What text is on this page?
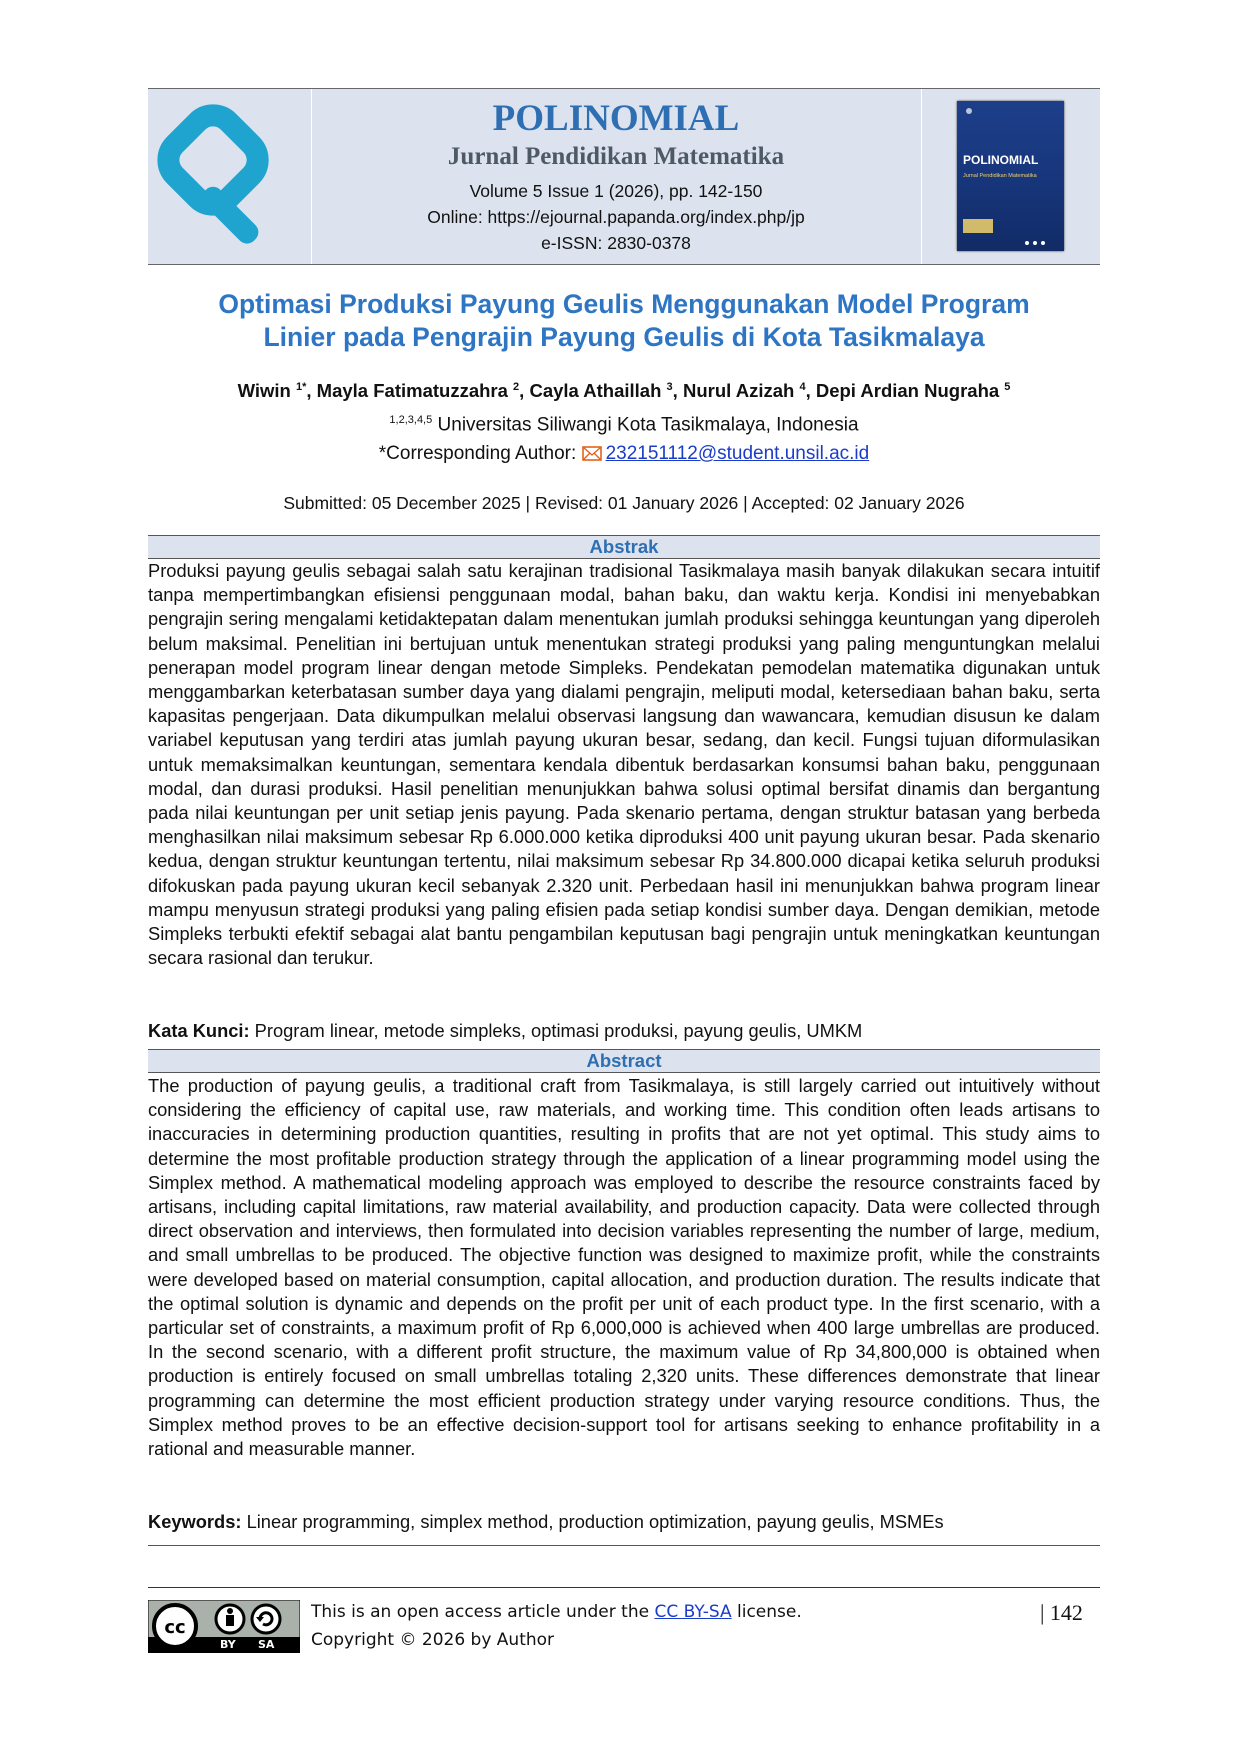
POLINOMIAL
Jurnal Pendidikan Matematika
Volume 5 Issue 1 (2026), pp. 142-150
Online: https://ejournal.papanda.org/index.php/jp
e-ISSN: 2830-0378
POLINOMIAL
Jurnal Pendidikan Matematika
Optimasi Produksi Payung Geulis Menggunakan Model Program
Linier pada Pengrajin Payung Geulis di Kota Tasikmalaya
Wiwin $^{1*}$, Mayla Fatimatuzzahra $^2$, Cayla Athaillah $^3$, Nurul Azizah $^4$, Depi Ardian Nugraha $^5$
$^{1,2,3,4,5}$ Universitas Siliwangi Kota Tasikmalaya, Indonesia
*Corresponding Author: 232151112@student.unsil.ac.id
Submitted: 05 December 2025 | Revised: 01 January 2026 | Accepted: 02 January 2026
Abstrak
Produksi payung geulis sebagai salah satu kerajinan tradisional Tasikmalaya masih banyak dilakukan secara intuitif tanpa mempertimbangkan efisiensi penggunaan modal, bahan baku, dan waktu kerja. Kondisi ini menyebabkan pengrajin sering mengalami ketidaktepatan dalam menentukan jumlah produksi sehingga keuntungan yang diperoleh belum maksimal. Penelitian ini bertujuan untuk menentukan strategi produksi yang paling menguntungkan melalui penerapan model program linear dengan metode Simpleks. Pendekatan pemodelan matematika digunakan untuk menggambarkan keterbatasan sumber daya yang dialami pengrajin, meliputi modal, ketersediaan bahan baku, serta kapasitas pengerjaan. Data dikumpulkan melalui observasi langsung dan wawancara, kemudian disusun ke dalam variabel keputusan yang terdiri atas jumlah payung ukuran besar, sedang, dan kecil. Fungsi tujuan diformulasikan untuk memaksimalkan keuntungan, sementara kendala dibentuk berdasarkan konsumsi bahan baku, penggunaan modal, dan durasi produksi. Hasil penelitian menunjukkan bahwa solusi optimal bersifat dinamis dan bergantung pada nilai keuntungan per unit setiap jenis payung. Pada skenario pertama, dengan struktur batasan yang berbeda menghasilkan nilai maksimum sebesar Rp 6.000.000 ketika diproduksi 400 unit payung ukuran besar. Pada skenario kedua, dengan struktur keuntungan tertentu, nilai maksimum sebesar Rp 34.800.000 dicapai ketika seluruh produksi difokuskan pada payung ukuran kecil sebanyak 2.320 unit. Perbedaan hasil ini menunjukkan bahwa program linear mampu menyusun strategi produksi yang paling efisien pada setiap kondisi sumber daya. Dengan demikian, metode Simpleks terbukti efektif sebagai alat bantu pengambilan keputusan bagi pengrajin untuk meningkatkan keuntungan secara rasional dan terukur.
Kata Kunci: Program linear, metode simpleks, optimasi produksi, payung geulis, UMKM
Abstract
The production of payung geulis, a traditional craft from Tasikmalaya, is still largely carried out intuitively without considering the efficiency of capital use, raw materials, and working time. This condition often leads artisans to inaccuracies in determining production quantities, resulting in profits that are not yet optimal. This study aims to determine the most profitable production strategy through the application of a linear programming model using the Simplex method. A mathematical modeling approach was employed to describe the resource constraints faced by artisans, including capital limitations, raw material availability, and production capacity. Data were collected through direct observation and interviews, then formulated into decision variables representing the number of large, medium, and small umbrellas to be produced. The objective function was designed to maximize profit, while the constraints were developed based on material consumption, capital allocation, and production duration. The results indicate that the optimal solution is dynamic and depends on the profit per unit of each product type. In the first scenario, with a particular set of constraints, a maximum profit of Rp 6,000,000 is achieved when 400 large umbrellas are produced. In the second scenario, with a different profit structure, the maximum value of Rp 34,800,000 is obtained when production is entirely focused on small umbrellas totaling 2,320 units. These differences demonstrate that linear programming can determine the most efficient production strategy under varying resource conditions. Thus, the Simplex method proves to be an effective decision-support tool for artisans seeking to enhance profitability in a rational and measurable manner.
Keywords: Linear programming, simplex method, production optimization, payung geulis, MSMEs
cc
BY SA
This is an open access article under the CC BY-SA license.
Copyright © 2026 by Author
| 142
